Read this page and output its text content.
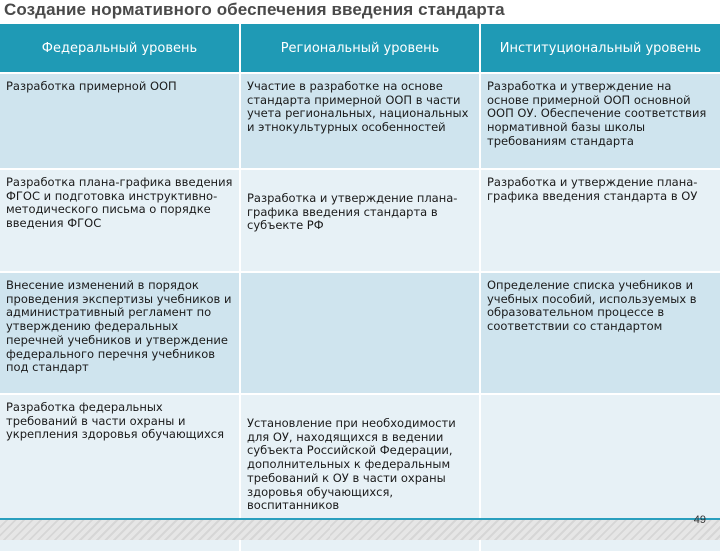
Создание нормативного обеспечения введения стандарта
Федеральный уровень	Региональный уровень	Институциональный уровень
Разработка примерной ООП	Участие в разработке на основе стандарта примерной ООП в части учета региональных, национальных и этнокультурных особенностей	Разработка и утверждение на основе примерной ООП основной ООП ОУ. Обеспечение соответствия нормативной базы школы требованиям стандарта
Разработка плана-графика введения ФГОС и подготовка инструктивно-методического письма о порядке введения ФГОС	Разработка и утверждение плана-графика введения стандарта в субъекте РФ	Разработка и утверждение плана-графика введения стандарта в ОУ
Внесение изменений в порядок проведения экспертизы учебников и административный регламент по утверждению федеральных перечней учебников и утверждение федерального перечня учебников под стандарт		Определение списка учебников и учебных пособий, используемых в образовательном процессе в соответствии со стандартом
Разработка федеральных требований в части охраны и укрепления здоровья обучающихся	Установление при необходимости для ОУ, находящихся в ведении субъекта Российской Федерации, дополнительных к федеральным требований к ОУ в части охраны здоровья обучающихся, воспитанников	
49
